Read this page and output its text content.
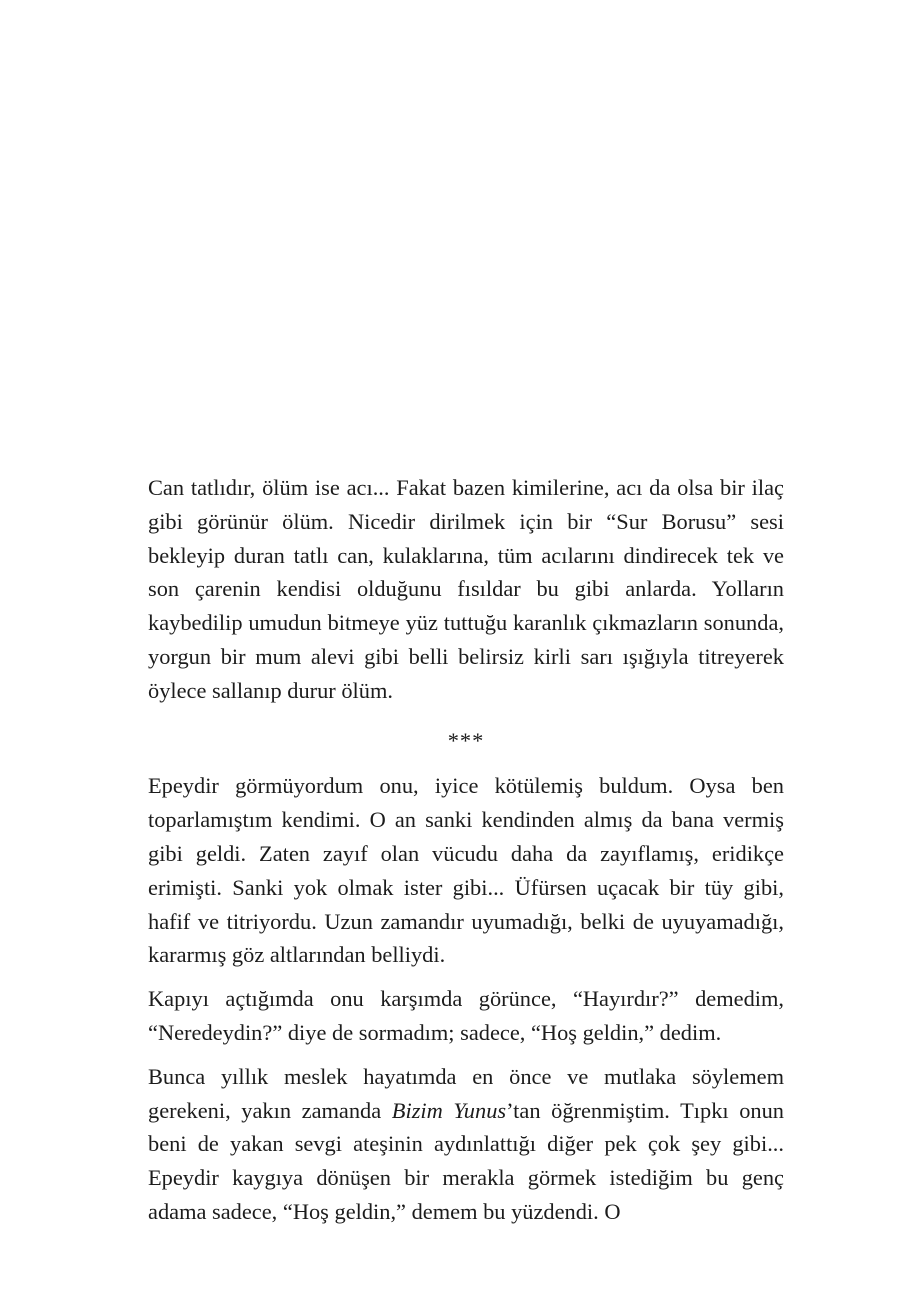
Can tatlıdır, ölüm ise acı... Fakat bazen kimilerine, acı da olsa bir ilaç gibi görünür ölüm. Nicedir dirilmek için bir “Sur Borusu” sesi bekleyip duran tatlı can, kulaklarına, tüm acılarını dindirecek tek ve son çarenin kendisi olduğunu fısıldar bu gibi anlarda. Yolların kaybedilip umudun bitmeye yüz tuttuğu karanlık çıkmazların sonunda, yorgun bir mum alevi gibi belli belirsiz kirli sarı ışığıyla titreyerek öylece sallanıp durur ölüm.

***

Epeydir görmüyordum onu, iyice kötülemiş buldum. Oysa ben toparlamıştım kendimi. O an sanki kendinden almış da bana vermiş gibi geldi. Zaten zayıf olan vücudu daha da zayıflamış, eridikçe erimişti. Sanki yok olmak ister gibi... Üfürsen uçacak bir tüy gibi, hafif ve titriyordu. Uzun zamandır uyumadığı, belki de uyuyamadığı, kararmış göz altlarından belliydi.

Kapıyı açtığımda onu karşımda görünce, “Hayırdır?” demedim, “Neredeydin?” diye de sormadım; sadece, “Hoş geldin,” dedim.

Bunca yıllık meslek hayatımda en önce ve mutlaka söylemem gerekeni, yakın zamanda Bizim Yunus’tan öğrenmiştim. Tıpkı onun beni de yakan sevgi ateşinin aydınlattığı diğer pek çok şey gibi... Epeydir kaygıya dönüşen bir merakla görmek istediğim bu genç adama sadece, “Hoş geldin,” demem bu yüzdendi. O
